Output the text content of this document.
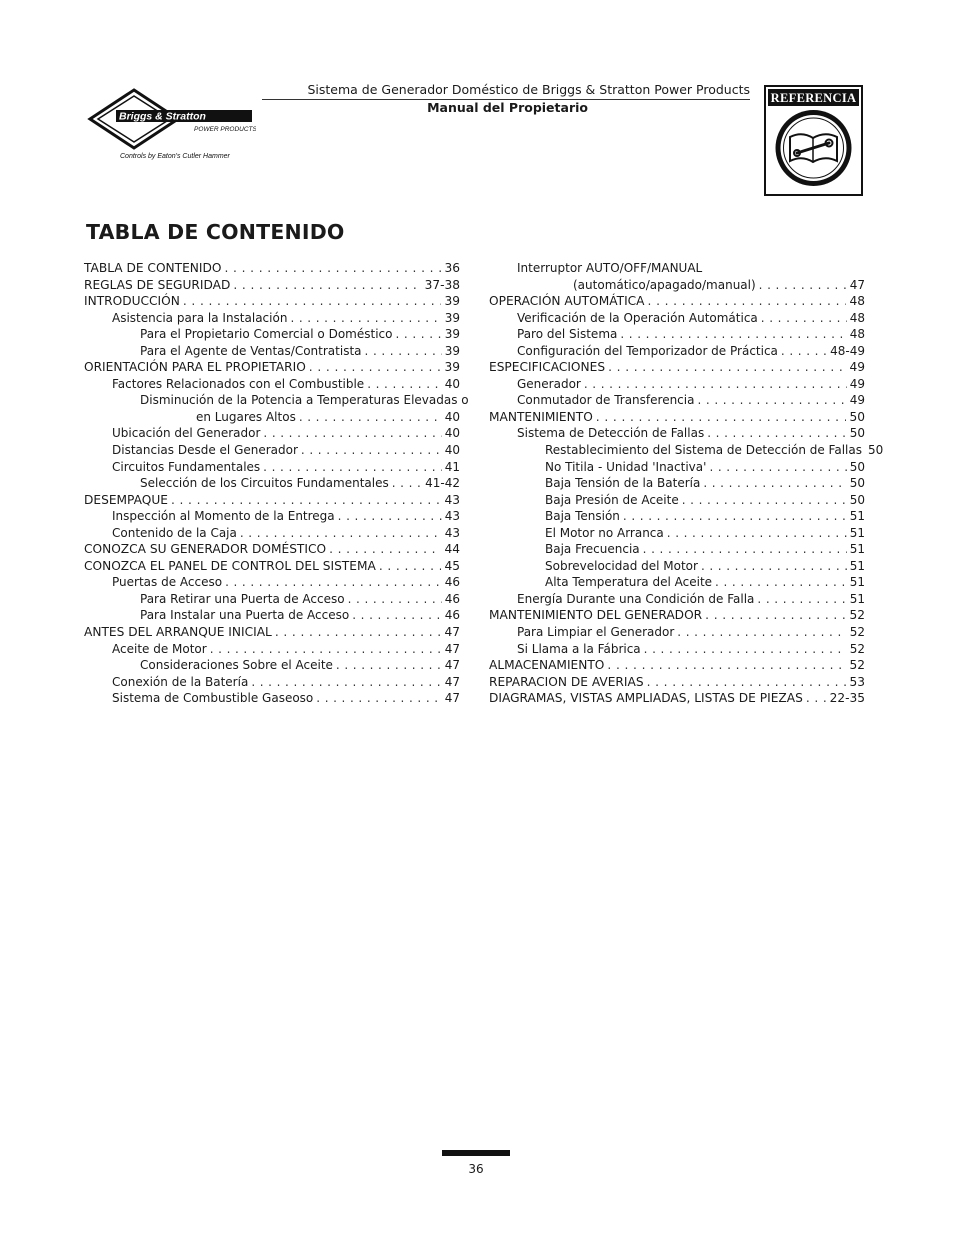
Briggs & Stratton
POWER PRODUCTS
Controls by Eaton's Cutler Hammer
Sistema de Generador Doméstico de Briggs & Stratton Power Products
Manual del Propietario
REFERENCIA
TABLA DE CONTENIDO
TABLA DE CONTENIDO . . .	36
REGLAS DE SEGURIDAD . . .	37-38
INTRODUCCIÓN . . .	39
Asistencia para la Instalación . . .	39
Para el Propietario Comercial o Doméstico . . .	39
Para el Agente de Ventas/Contratista . . .	39
ORIENTACIÓN PARA EL PROPIETARIO . . .	39
Factores Relacionados con el Combustible . . .	40
Disminución de la Potencia a Temperaturas Elevadas o
en Lugares Altos . . .	40
Ubicación del Generador . . .	40
Distancias Desde el Generador . . .	40
Circuitos Fundamentales . . .	41
Selección de los Circuitos Fundamentales . . .	41-42
DESEMPAQUE . . .	43
Inspección al Momento de la Entrega . . .	43
Contenido de la Caja . . .	43
CONOZCA SU GENERADOR DOMÉSTICO . . .	44
CONOZCA EL PANEL DE CONTROL DEL SISTEMA . . .	45
Puertas de Acceso . . .	46
Para Retirar una Puerta de Acceso . . .	46
Para Instalar una Puerta de Acceso . . .	46
ANTES DEL ARRANQUE INICIAL . . .	47
Aceite de Motor . . .	47
Consideraciones Sobre el Aceite . . .	47
Conexión de la Batería . . .	47
Sistema de Combustible Gaseoso . . .	47
Interruptor AUTO/OFF/MANUAL
(automático/apagado/manual) . . .	47
OPERACIÓN AUTOMÁTICA . . .	48
Verificación de la Operación Automática . . .	48
Paro del Sistema . . .	48
Configuración del Temporizador de Práctica . . .	48-49
ESPECIFICACIONES . . .	49
Generador . . .	49
Conmutador de Transferencia . . .	49
MANTENIMIENTO . . .	50
Sistema de Detección de Fallas . . .	50
Restablecimiento del Sistema de Detección de Fallas 50
No Titila - Unidad 'Inactiva' . . .	50
Baja Tensión de la Batería . . .	50
Baja Presión de Aceite . . .	50
Baja Tensión . . .	51
El Motor no Arranca . . .	51
Baja Frecuencia . . .	51
Sobrevelocidad del Motor . . .	51
Alta Temperatura del Aceite . . .	51
Energía Durante una Condición de Falla . . .	51
MANTENIMIENTO DEL GENERADOR . . .	52
Para Limpiar el Generador . . .	52
Si Llama a la Fábrica . . .	52
ALMACENAMIENTO . . .	52
REPARACION DE AVERIAS . . .	53
DIAGRAMAS, VISTAS AMPLIADAS, LISTAS DE PIEZAS . . . 22-35
36
